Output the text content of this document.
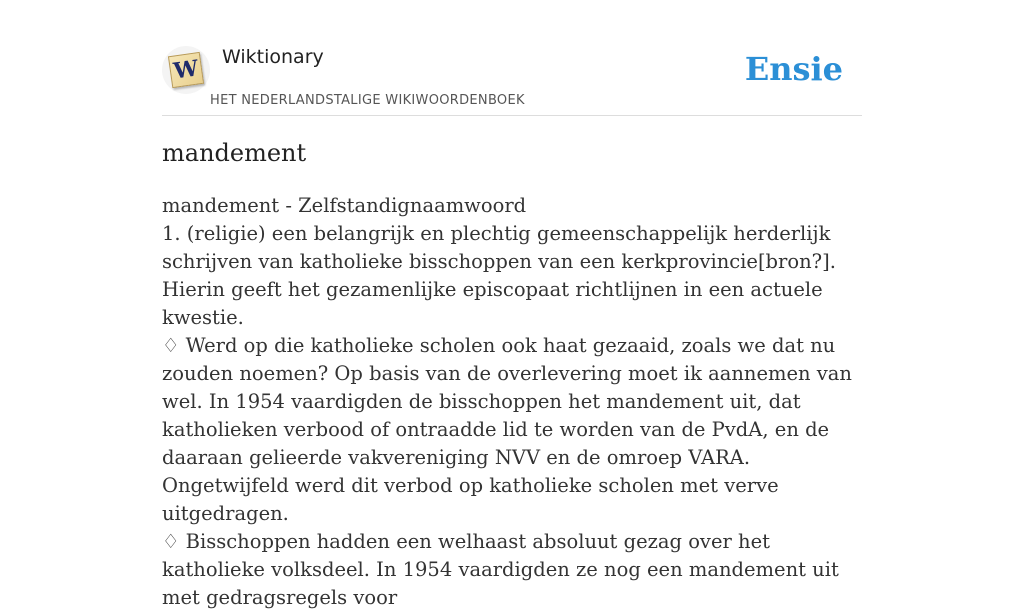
W Wiktionary
HET NEDERLANDSTALIGE WIKIWOORDENBOEK
Ensie
mandement

mandement - Zelfstandignaamwoord

1. (religie) een belangrijk en plechtig gemeenschappelijk herderlijk schrijven van katholieke bisschoppen van een kerkprovincie[bron?]. Hierin geeft het gezamenlijke episcopaat richtlijnen in een actuele kwestie.

♢ Werd op die katholieke scholen ook haat gezaaid, zoals we dat nu zouden noemen? Op basis van de overlevering moet ik aannemen van wel. In 1954 vaardigden de bisschoppen het mandement uit, dat katholieken verbood of ontraadde lid te worden van de PvdA, en de daaraan gelieerde vakvereniging NVV en de omroep VARA. Ongetwijfeld werd dit verbod op katholieke scholen met verve uitgedragen.

♢ Bisschoppen hadden een welhaast absoluut gezag over het katholieke volksdeel. In 1954 vaardigden ze nog een mandement uit met gedragsregels voor
